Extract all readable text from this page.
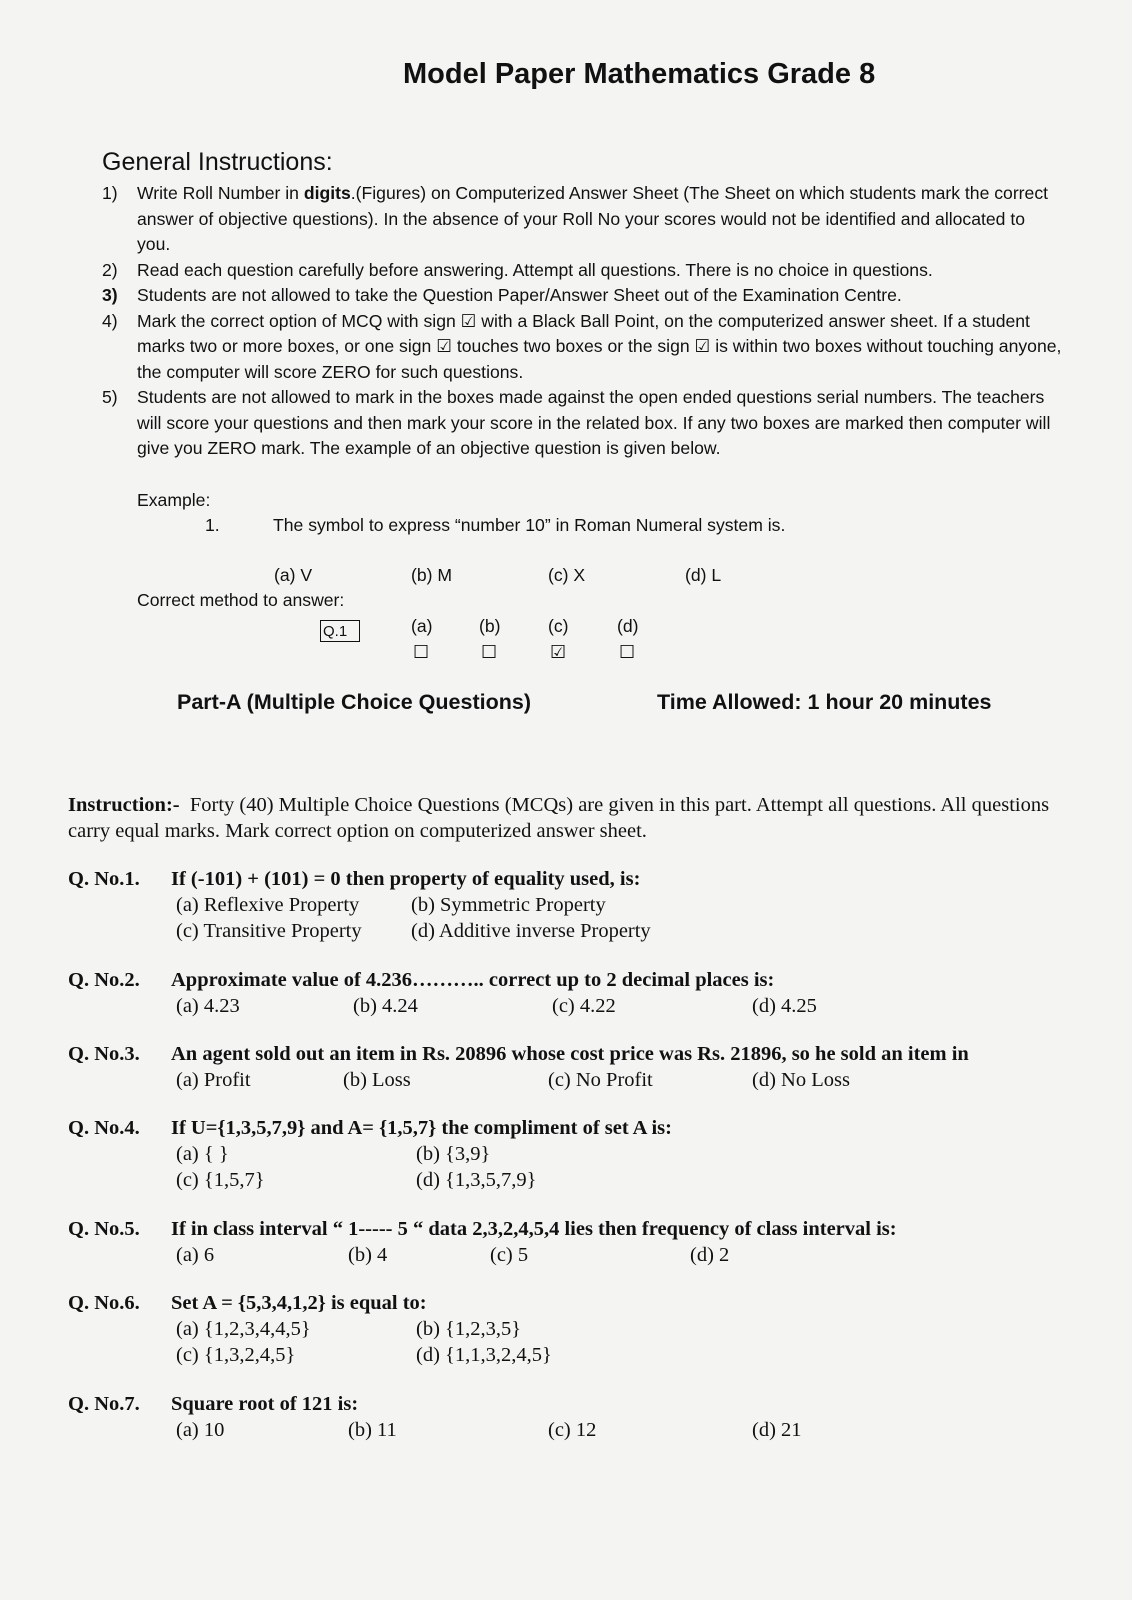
Model Paper Mathematics Grade 8
General Instructions:
1) Write Roll Number in digits.(Figures) on Computerized Answer Sheet (The Sheet on which students mark the correct answer of objective questions). In the absence of your Roll No your scores would not be identified and allocated to you.
2) Read each question carefully before answering. Attempt all questions. There is no choice in questions.
3) Students are not allowed to take the Question Paper/Answer Sheet out of the Examination Centre.
4) Mark the correct option of MCQ with sign ☑ with a Black Ball Point, on the computerized answer sheet. If a student marks two or more boxes, or one sign ☑ touches two boxes or the sign ☑ is within two boxes without touching anyone, the computer will score ZERO for such questions.
5) Students are not allowed to mark in the boxes made against the open ended questions serial numbers. The teachers will score your questions and then mark your score in the related box. If any two boxes are marked then computer will give you ZERO mark. The example of an objective question is given below.
Example:
1.	The symbol to express “number 10” in Roman Numeral system is.
(a) V	(b) M	(c) X	(d) L
Correct method to answer:
Q.1	(a)	(b)	(c)	(d)
☐	☐	☑	☐
Part-A (Multiple Choice Questions)	Time Allowed: 1 hour 20 minutes
Instruction:- Forty (40) Multiple Choice Questions (MCQs) are given in this part. Attempt all questions. All questions carry equal marks. Mark correct option on computerized answer sheet.
Q. No.1. If (-101) + (101) = 0 then property of equality used, is:
(a) Reflexive Property	(b) Symmetric Property
(c) Transitive Property (d) Additive inverse Property
Q. No.2. Approximate value of 4.236……….. correct up to 2 decimal places is:
(a) 4.23	(b) 4.24	(c) 4.22	(d) 4.25
Q. No.3. An agent sold out an item in Rs. 20896 whose cost price was Rs. 21896, so he sold an item in
(a) Profit	(b) Loss	(c) No Profit	(d) No Loss
Q. No.4. If U={1,3,5,7,9} and A= {1,5,7} the compliment of set A is:
(a) { }	(b) {3,9}
(c) {1,5,7}	(d) {1,3,5,7,9}
Q. No.5. If in class interval “ 1----- 5 “ data 2,3,2,4,5,4 lies then frequency of class interval is:
(a) 6	(b) 4	(c) 5	(d) 2
Q. No.6. Set A = {5,3,4,1,2} is equal to:
(a) {1,2,3,4,4,5}	(b) {1,2,3,5}
(c) {1,3,2,4,5}	(d) {1,1,3,2,4,5}
Q. No.7. Square root of 121 is:
(a) 10	(b) 11	(c) 12	(d) 21
